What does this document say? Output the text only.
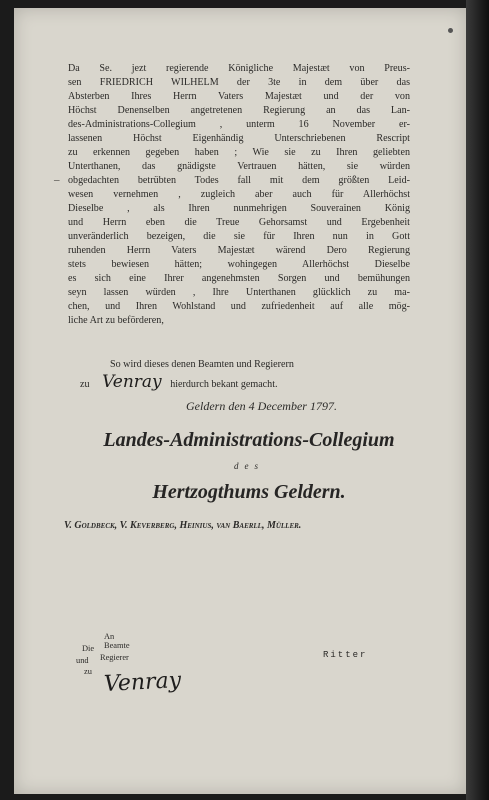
Da Se. jezt regierende Königliche Majestæt von Preus-
sen FRIEDRICH WILHELM der 3te in dem über das
Absterben Ihres Herrn Vaters Majestæt und der von
Höchst Denenselben angetretenen Regierung an das Lan-
des-Administrations-Collegium , unterm 16 November er-
lassenen Höchst Eigenhändig Unterschriebenen Rescript
zu erkennen gegeben haben ; Wie sie zu Ihren geliebten
Unterthanen, das gnädigste Vertrauen hätten, sie würden
obgedachten betrübten Todes fall mit dem größten Leid-
wesen vernehmen , zugleich aber auch für Allerhöchst
Dieselbe , als Ihren nunmehrigen Souverainen König
und Herrn eben die Treue Gehorsamst und Ergebenheit
unveränderlich bezeigen, die sie für Ihren nun in Gott
ruhenden Herrn Vaters Majestæt wärend Dero Regierung
stets bewiesen hätten; wohingegen Allerhöchst Dieselbe
es sich eine Ihrer angenehmsten Sorgen und bemühungen
seyn lassen würden , Ihre Unterthanen glücklich zu ma-
chen, und Ihren Wohlstand und zufriedenheit auf alle mög-
liche Art zu beförderen,
–
So wird dieses denen Beamten und Regierern
zu Venray hierdurch bekant gemacht.
Geldern den 4 December 1797.
Landes-Administrations-Collegium
des
Hertzogthums Geldern.
V. Goldbeck, V. Keverberg, Heinius, van Baerll, Müller.
An
Die Beamte
und Regierer
zu Venray
Ritter
